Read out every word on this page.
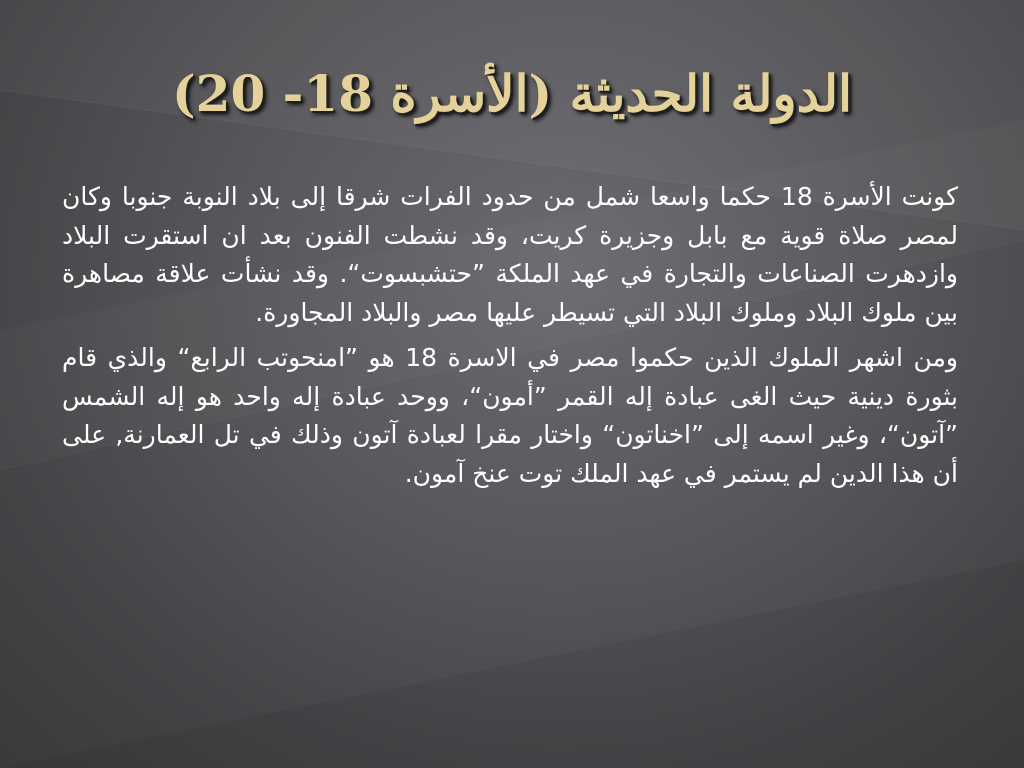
الدولة الحديثة (الأسرة 18- 20)

كونت الأسرة 18 حكما واسعا شمل من حدود الفرات شرقا إلى بلاد النوبة جنوبا وكان لمصر صلاة قوية مع بابل وجزيرة كريت، وقد نشطت الفنون بعد ان استقرت البلاد وازدهرت الصناعات والتجارة في عهد الملكة ”حتشبسوت“. وقد نشأت علاقة مصاهرة بين ملوك البلاد وملوك البلاد التي تسيطر عليها مصر والبلاد المجاورة.

ومن اشهر الملوك الذين حكموا مصر في الاسرة 18 هو ”امنحوتب الرابع“ والذي قام بثورة دينية حيث الغى عبادة إله القمر ”أمون“، ووحد عبادة إله واحد هو إله الشمس ”آتون“، وغير اسمه إلى ”اخناتون“ واختار مقرا لعبادة آتون وذلك في تل العمارنة, على أن هذا الدين لم يستمر في عهد الملك توت عنخ آمون.
